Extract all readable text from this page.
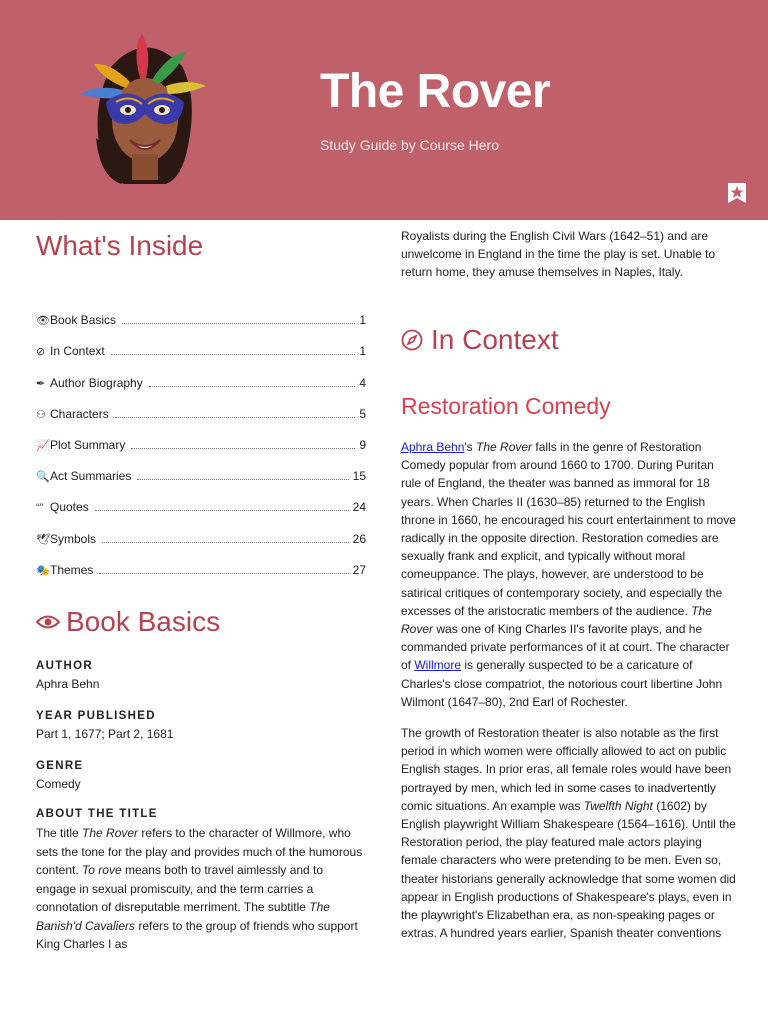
The Rover
Study Guide by Course Hero
What's Inside
👁 Book Basics	1
⊘ In Context	1
✒ Author Biography	4
⚇ Characters	5
📈 Plot Summary	9
🔍 Act Summaries	15
“” Quotes	24
🕊 Symbols	26
🎭 Themes	27
Book Basics
AUTHOR
Aphra Behn
YEAR PUBLISHED
Part 1, 1677; Part 2, 1681
GENRE
Comedy
ABOUT THE TITLE
The title The Rover refers to the character of Willmore, who sets the tone for the play and provides much of the humorous content. To rove means both to travel aimlessly and to engage in sexual promiscuity, and the term carries a connotation of disreputable merriment. The subtitle The Banish'd Cavaliers refers to the group of friends who support King Charles I as
Royalists during the English Civil Wars (1642–51) and are unwelcome in England in the time the play is set. Unable to return home, they amuse themselves in Naples, Italy.
In Context
Restoration Comedy
Aphra Behn's The Rover falls in the genre of Restoration Comedy popular from around 1660 to 1700. During Puritan rule of England, the theater was banned as immoral for 18 years. When Charles II (1630–85) returned to the English throne in 1660, he encouraged his court entertainment to move radically in the opposite direction. Restoration comedies are sexually frank and explicit, and typically without moral comeuppance. The plays, however, are understood to be satirical critiques of contemporary society, and especially the excesses of the aristocratic members of the audience. The Rover was one of King Charles II's favorite plays, and he commanded private performances of it at court. The character of Willmore is generally suspected to be a caricature of Charles's close compatriot, the notorious court libertine John Wilmont (1647–80), 2nd Earl of Rochester.
The growth of Restoration theater is also notable as the first period in which women were officially allowed to act on public English stages. In prior eras, all female roles would have been portrayed by men, which led in some cases to inadvertently comic situations. An example was Twelfth Night (1602) by English playwright William Shakespeare (1564–1616). Until the Restoration period, the play featured male actors playing female characters who were pretending to be men. Even so, theater historians generally acknowledge that some women did appear in English productions of Shakespeare's plays, even in the playwright's Elizabethan era, as non-speaking pages or extras. A hundred years earlier, Spanish theater conventions
